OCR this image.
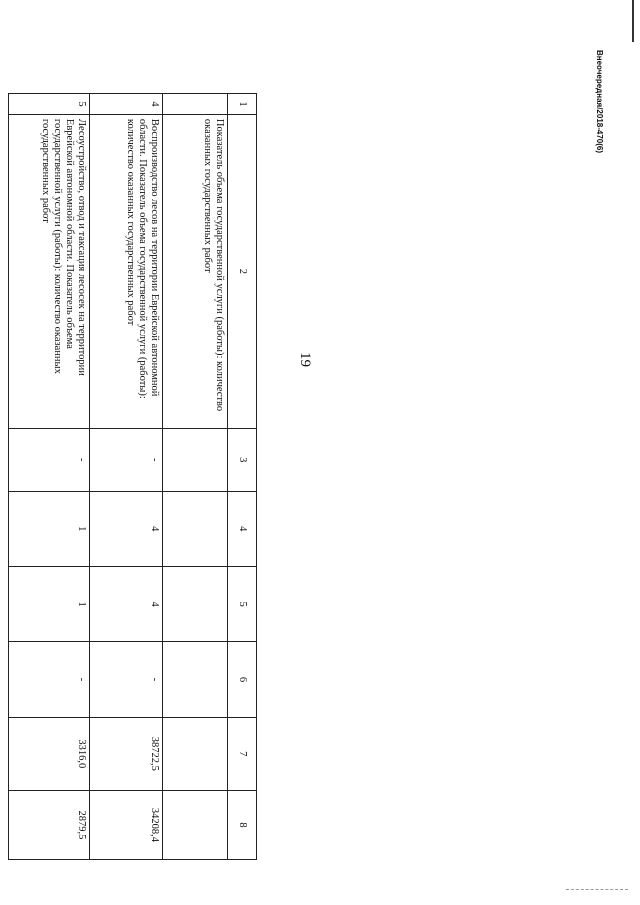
Внеочередная/2018-470(6)
19
1	2	3	4	5	6	7	8
	Показатель объема государственной услуги (работы): количество оказанных государственных работ						
4	Воспроизводство лесов на территории Еврейской автономной области. Показатель объема государственной услуги (работы): количество оказанных государственных работ	-	4	4	-	38722,5	34208,4
5	Лесоустройство, отвод и таксация лесосек на территории Еврейской автономной области. Показатель объема государственной услуги (работы): количество оказанных государственных работ	-	1	1	-	3316,0	2879,5
